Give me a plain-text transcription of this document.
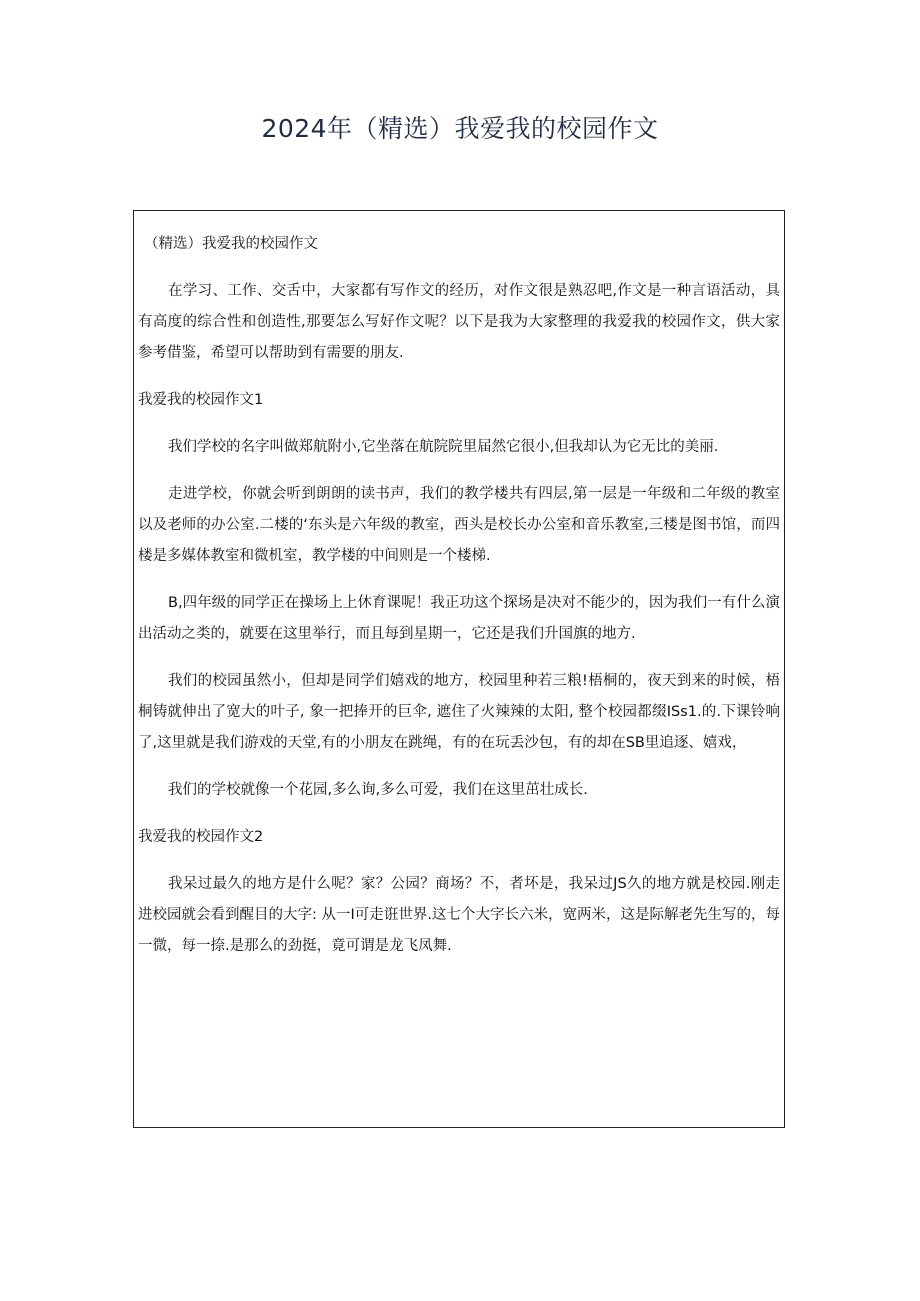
2024年（精选）我爱我的校园作文

（精选）我爱我的校园作文

在学习、工作、交舌中，大家都有写作文的经历，对作文很是熟忍吧,作文是一种言语活动，具有高度的综合性和创造性,那要怎么写好作文呢？以下是我为大家整理的我爱我的校园作文，供大家参考借鉴，希望可以帮助到有需要的朋友.

我爱我的校园作文1

我们学校的名字叫做郑航附小,它坐落在航院院里届然它很小,但我却认为它无比的美丽.

走进学校，你就会听到朗朗的读书声，我们的教学楼共有四层,第一层是一年级和二年级的教室以及老师的办公室.二楼的‘东头是六年级的教室，西头是校长办公室和音乐教室,三楼是图书馆，而四楼是多媒体教室和微机室，教学楼的中间则是一个楼梯.

B,四年级的同学正在操场上上休育课呢！我正功这个探场是决对不能少的，因为我们一有什么演出活动之类的，就要在这里举行，而且每到星期一，它还是我们升国旗的地方.

我们的校园虽然小，但却是同学们嬉戏的地方，校园里种若三粮!梧桐的，夜天到来的时候，梧桐铸就伸出了宽大的叶子, 象一把捧开的巨伞, 遮住了火辣辣的太阳, 整个校园都缀ISs1.的.下课铃响了,这里就是我们游戏的天堂,有的小朋友在跳绳，有的在玩丢沙包，有的却在SB里追逐、嬉戏，

我们的学校就像一个花园,多么询,多么可爱，我们在这里茁壮成长.

我爱我的校园作文2

我呆过最久的地方是什么呢？家？公园？商场？不，者坏是，我呆过JS久的地方就是校园.刚走进校园就会看到醒目的大字: 从一I可走诳世界.这七个大字长六米，宽两米，这是际解老先生写的，每一微，每一捺.是那么的劲挺，竟可谓是龙飞凤舞.
